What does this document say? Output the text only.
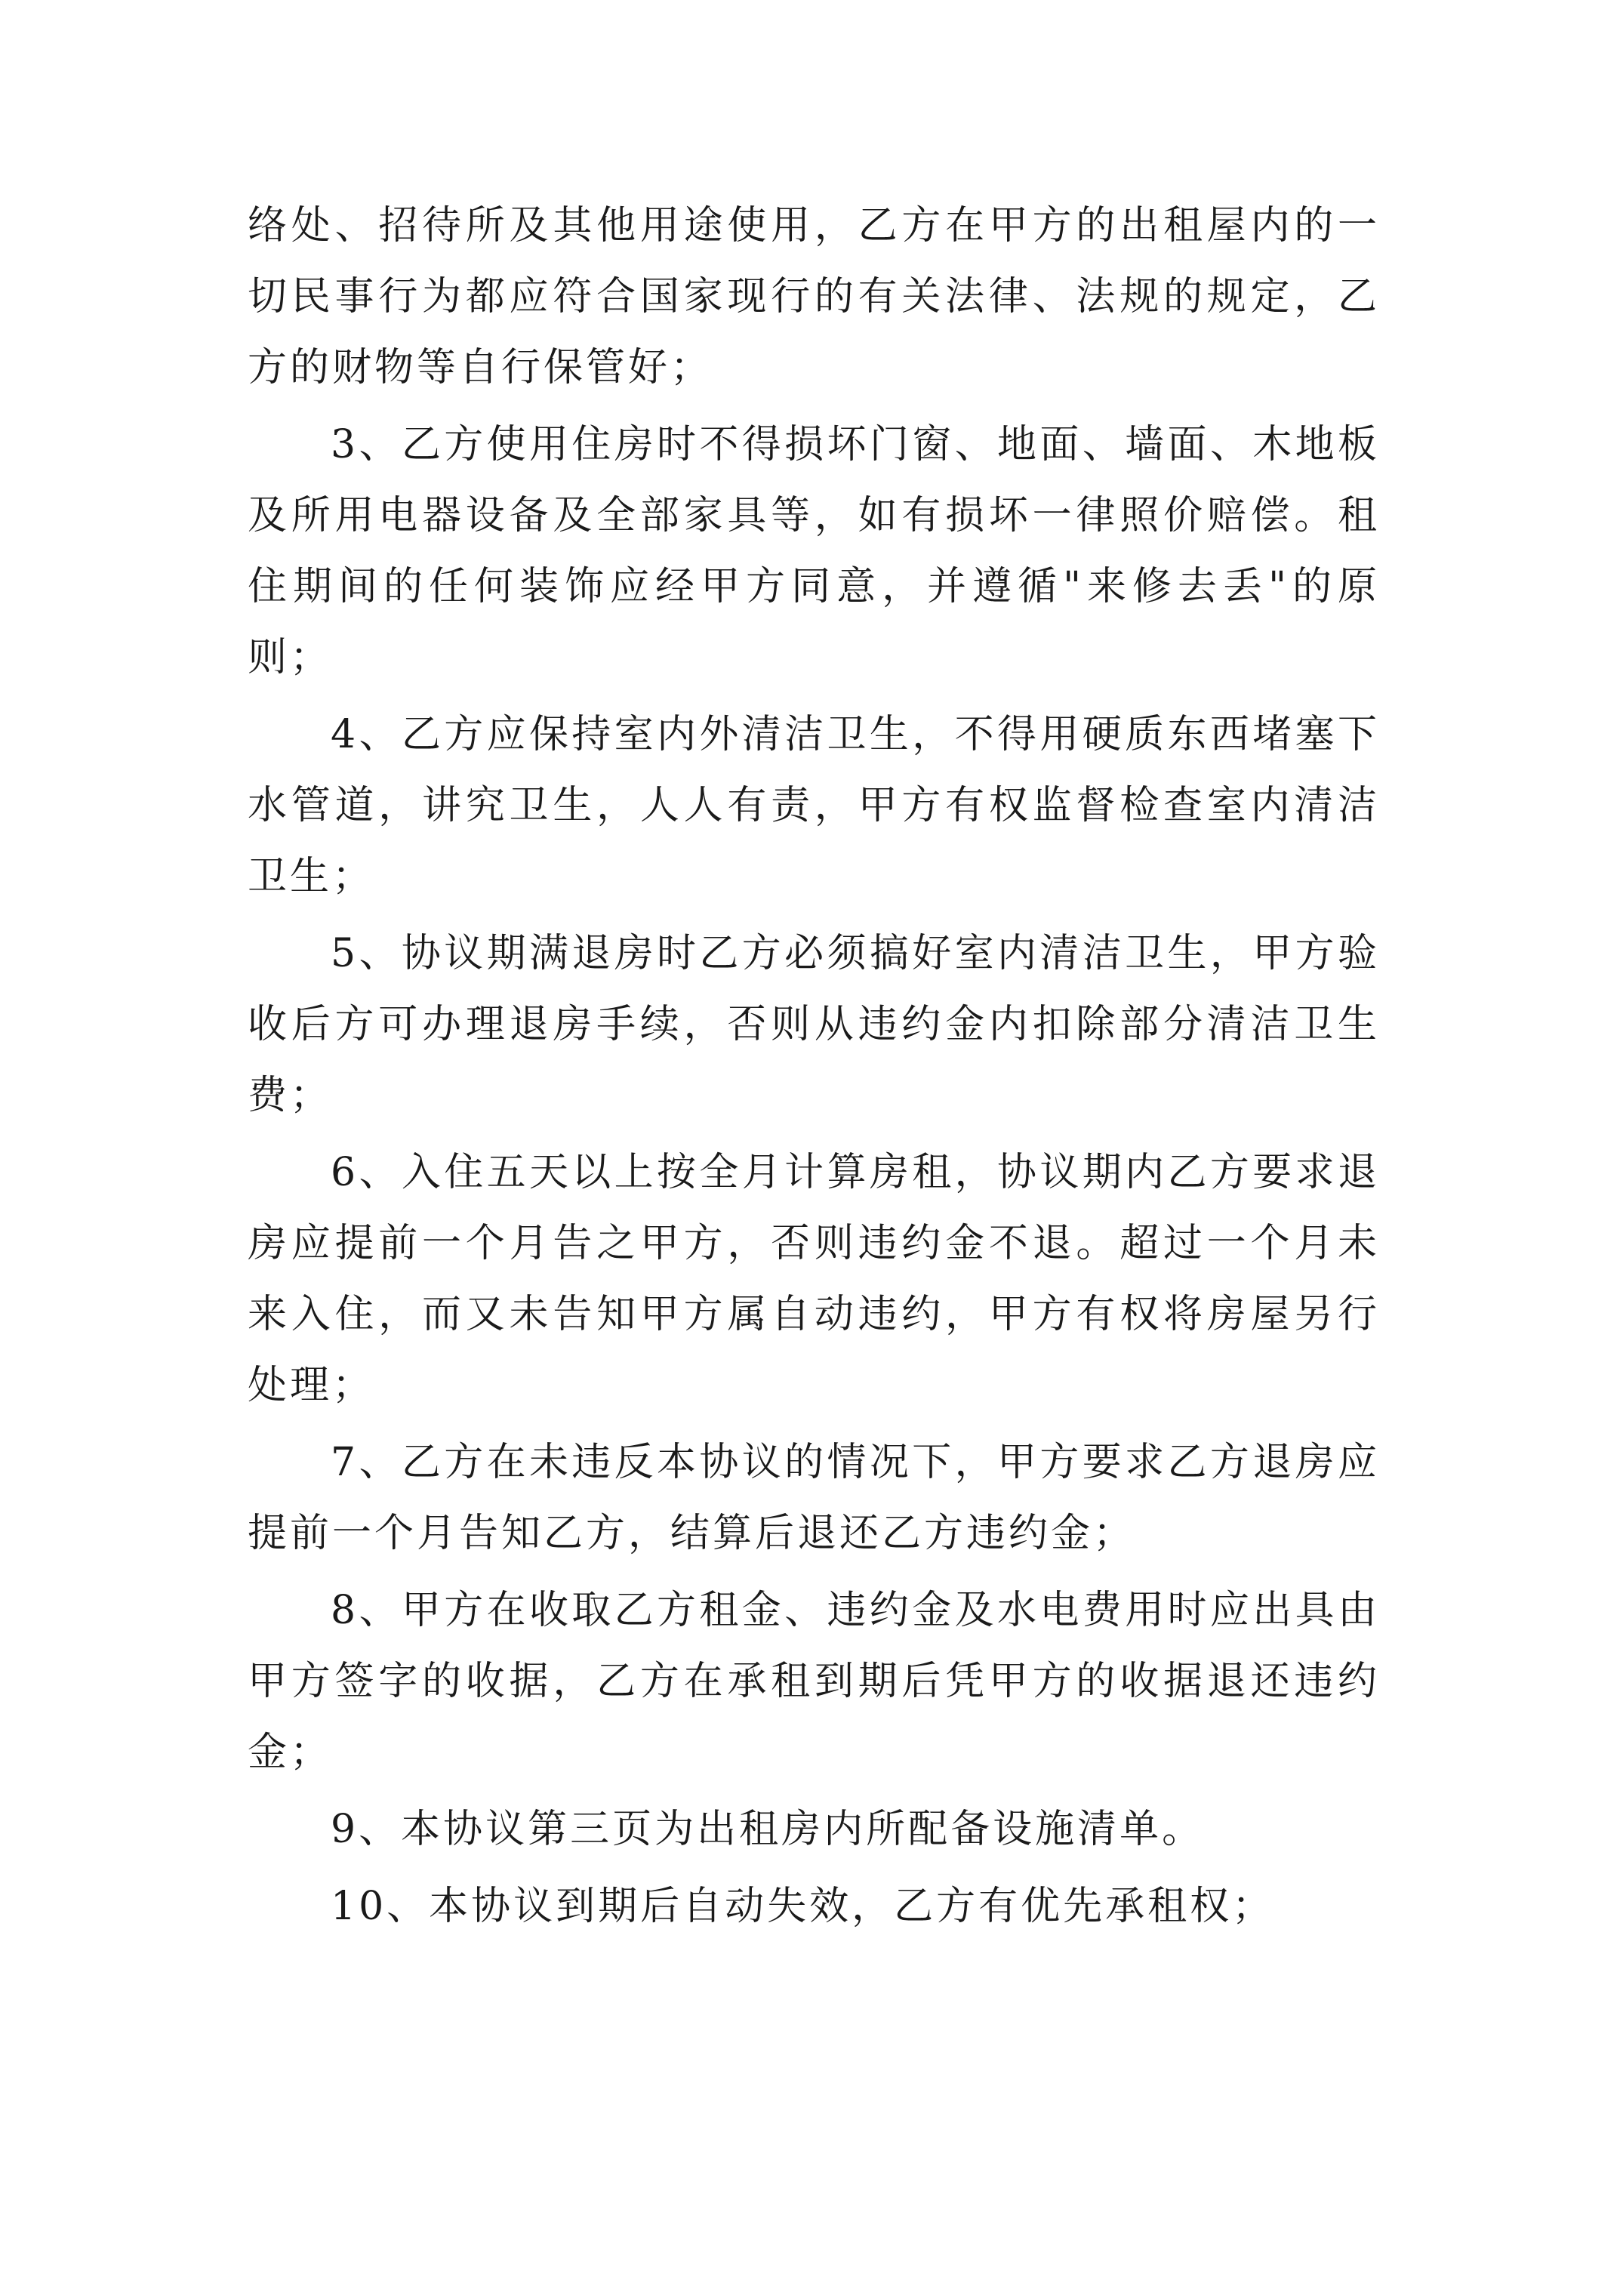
络处、招待所及其他用途使用，乙方在甲方的出租屋内的一切民事行为都应符合国家现行的有关法律、法规的规定，乙方的财物等自行保管好；

3、乙方使用住房时不得损坏门窗、地面、墙面、木地板及所用电器设备及全部家具等，如有损坏一律照价赔偿。租住期间的任何装饰应经甲方同意，并遵循"来修去丢"的原则；

4、乙方应保持室内外清洁卫生，不得用硬质东西堵塞下水管道，讲究卫生，人人有责，甲方有权监督检查室内清洁卫生；

5、协议期满退房时乙方必须搞好室内清洁卫生，甲方验收后方可办理退房手续，否则从违约金内扣除部分清洁卫生费；

6、入住五天以上按全月计算房租，协议期内乙方要求退房应提前一个月告之甲方，否则违约金不退。超过一个月未来入住，而又未告知甲方属自动违约，甲方有权将房屋另行处理；

7、乙方在未违反本协议的情况下，甲方要求乙方退房应提前一个月告知乙方，结算后退还乙方违约金；

8、甲方在收取乙方租金、违约金及水电费用时应出具由甲方签字的收据，乙方在承租到期后凭甲方的收据退还违约金；

9、本协议第三页为出租房内所配备设施清单。

10、本协议到期后自动失效，乙方有优先承租权；
